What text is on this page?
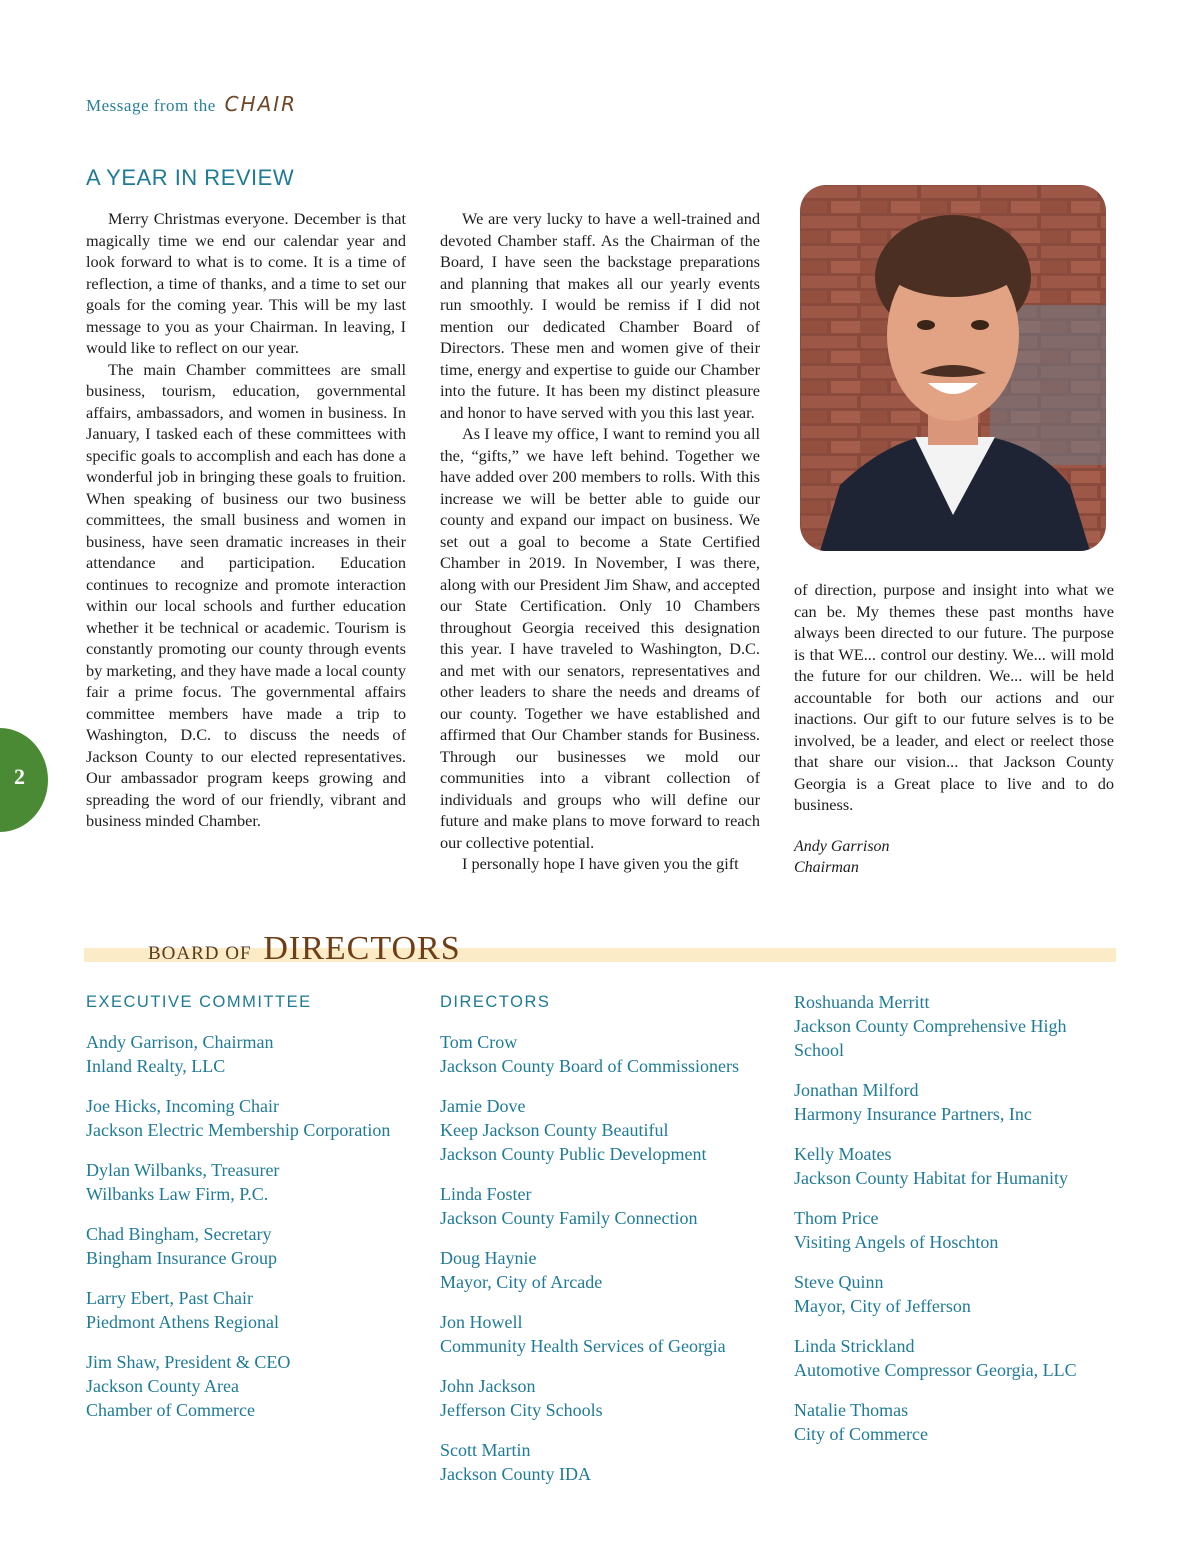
Message from the CHAIR
A YEAR IN REVIEW

Merry Christmas everyone. December is that magically time we end our calendar year and look forward to what is to come. It is a time of reflection, a time of thanks, and a time to set our goals for the coming year. This will be my last message to you as your Chairman. In leaving, I would like to reflect on our year.

The main Chamber committees are small business, tourism, education, governmental affairs, ambassadors, and women in business. In January, I tasked each of these committees with specific goals to accomplish and each has done a wonderful job in bringing these goals to fruition. When speaking of business our two business committees, the small business and women in business, have seen dramatic increases in their attendance and participation. Education continues to recognize and promote interaction within our local schools and further education whether it be technical or academic. Tourism is constantly promoting our county through events by marketing, and they have made a local county fair a prime focus. The governmental affairs committee members have made a trip to Washington, D.C. to discuss the needs of Jackson County to our elected representatives. Our ambassador program keeps growing and spreading the word of our friendly, vibrant and business minded Chamber.

We are very lucky to have a well-trained and devoted Chamber staff. As the Chairman of the Board, I have seen the backstage preparations and planning that makes all our yearly events run smoothly. I would be remiss if I did not mention our dedicated Chamber Board of Directors. These men and women give of their time, energy and expertise to guide our Chamber into the future. It has been my distinct pleasure and honor to have served with you this last year.

As I leave my office, I want to remind you all the, “gifts,” we have left behind. Together we have added over 200 members to rolls. With this increase we will be better able to guide our county and expand our impact on business. We set out a goal to become a State Certified Chamber in 2019. In November, I was there, along with our President Jim Shaw, and accepted our State Certification. Only 10 Chambers throughout Georgia received this designation this year. I have traveled to Washington, D.C. and met with our senators, representatives and other leaders to share the needs and dreams of our county. Together we have established and affirmed that Our Chamber stands for Business. Through our businesses we mold our communities into a vibrant collection of individuals and groups who will define our future and make plans to move forward to reach our collective potential.

I personally hope I have given you the gift

of direction, purpose and insight into what we can be. My themes these past months have always been directed to our future. The purpose is that WE... control our destiny. We... will mold the future for our children. We... will be held accountable for both our actions and our inactions. Our gift to our future selves is to be involved, be a leader, and elect or reelect those that share our vision... that Jackson County Georgia is a Great place to live and to do business.

Andy Garrison
Chairman
2
BOARD OF DIRECTORS
EXECUTIVE COMMITTEE
Andy Garrison, Chairman
Inland Realty, LLC
Joe Hicks, Incoming Chair
Jackson Electric Membership Corporation
Dylan Wilbanks, Treasurer
Wilbanks Law Firm, P.C.
Chad Bingham, Secretary
Bingham Insurance Group
Larry Ebert, Past Chair
Piedmont Athens Regional
Jim Shaw, President & CEO
Jackson County Area
Chamber of Commerce
DIRECTORS
Tom Crow
Jackson County Board of Commissioners
Jamie Dove
Keep Jackson County Beautiful
Jackson County Public Development
Linda Foster
Jackson County Family Connection
Doug Haynie
Mayor, City of Arcade
Jon Howell
Community Health Services of Georgia
John Jackson
Jefferson City Schools
Scott Martin
Jackson County IDA
Roshuanda Merritt
Jackson County Comprehensive High School
Jonathan Milford
Harmony Insurance Partners, Inc
Kelly Moates
Jackson County Habitat for Humanity
Thom Price
Visiting Angels of Hoschton
Steve Quinn
Mayor, City of Jefferson
Linda Strickland
Automotive Compressor Georgia, LLC
Natalie Thomas
City of Commerce
